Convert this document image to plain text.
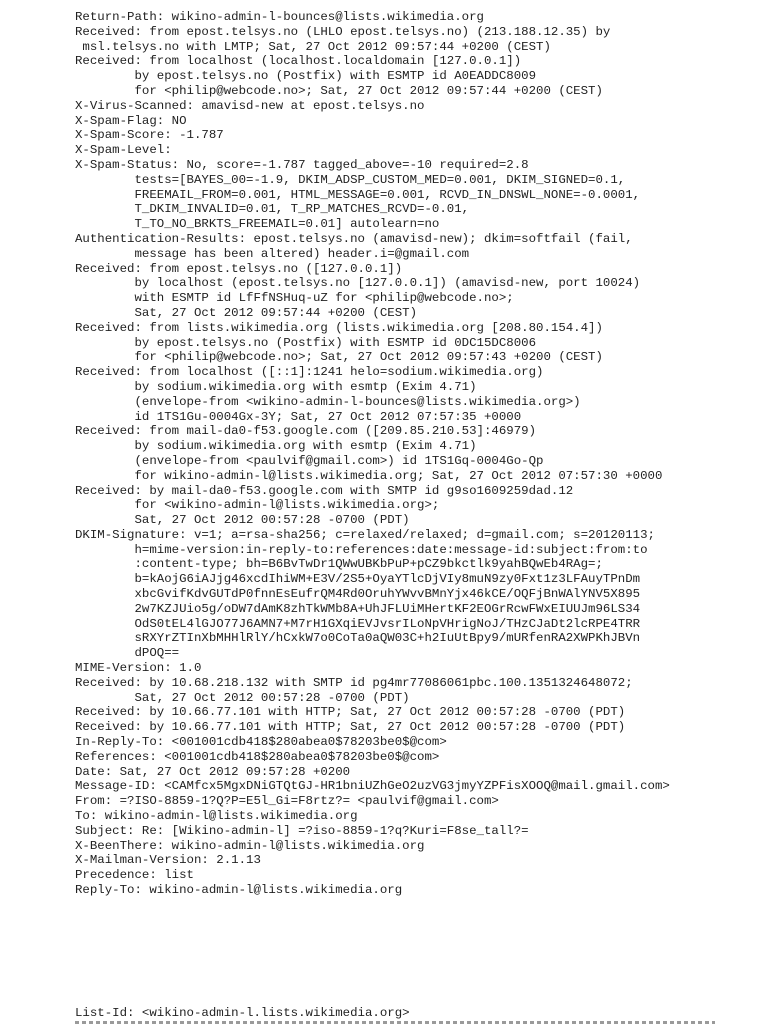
Return-Path: wikino-admin-l-bounces@lists.wikimedia.org
Received: from epost.telsys.no (LHLO epost.telsys.no) (213.188.12.35) by
msl.telsys.no with LMTP; Sat, 27 Oct 2012 09:57:44 +0200 (CEST)
Received: from localhost (localhost.localdomain [127.0.0.1])
by epost.telsys.no (Postfix) with ESMTP id A0EADDC8009
for <philip@webcode.no>; Sat, 27 Oct 2012 09:57:44 +0200 (CEST)
X-Virus-Scanned: amavisd-new at epost.telsys.no
X-Spam-Flag: NO
X-Spam-Score: -1.787
X-Spam-Level:
X-Spam-Status: No, score=-1.787 tagged_above=-10 required=2.8
tests=[BAYES_00=-1.9, DKIM_ADSP_CUSTOM_MED=0.001, DKIM_SIGNED=0.1,
FREEMAIL_FROM=0.001, HTML_MESSAGE=0.001, RCVD_IN_DNSWL_NONE=-0.0001,
T_DKIM_INVALID=0.01, T_RP_MATCHES_RCVD=-0.01,
T_TO_NO_BRKTS_FREEMAIL=0.01] autolearn=no
Authentication-Results: epost.telsys.no (amavisd-new); dkim=softfail (fail,
message has been altered) header.i=@gmail.com
Received: from epost.telsys.no ([127.0.0.1])
by localhost (epost.telsys.no [127.0.0.1]) (amavisd-new, port 10024)
with ESMTP id LfFfNSHuq-uZ for <philip@webcode.no>;
Sat, 27 Oct 2012 09:57:44 +0200 (CEST)
Received: from lists.wikimedia.org (lists.wikimedia.org [208.80.154.4])
by epost.telsys.no (Postfix) with ESMTP id 0DC15DC8006
for <philip@webcode.no>; Sat, 27 Oct 2012 09:57:43 +0200 (CEST)
Received: from localhost ([::1]:1241 helo=sodium.wikimedia.org)
by sodium.wikimedia.org with esmtp (Exim 4.71)
(envelope-from <wikino-admin-l-bounces@lists.wikimedia.org>)
id 1TS1Gu-0004Gx-3Y; Sat, 27 Oct 2012 07:57:35 +0000
Received: from mail-da0-f53.google.com ([209.85.210.53]:46979)
by sodium.wikimedia.org with esmtp (Exim 4.71)
(envelope-from <paulvif@gmail.com>) id 1TS1Gq-0004Go-Qp
for wikino-admin-l@lists.wikimedia.org; Sat, 27 Oct 2012 07:57:30 +0000
Received: by mail-da0-f53.google.com with SMTP id g9so1609259dad.12
for <wikino-admin-l@lists.wikimedia.org>;
Sat, 27 Oct 2012 00:57:28 -0700 (PDT)
DKIM-Signature: v=1; a=rsa-sha256; c=relaxed/relaxed; d=gmail.com; s=20120113;
h=mime-version:in-reply-to:references:date:message-id:subject:from:to
:content-type; bh=B6BvTwDr1QWwUBKbPuP+pCZ9bkctlk9yahBQwEb4RAg=;
b=kAojG6iAJjg46xcdIhiWM+E3V/2S5+OyaYTlcDjVIy8muN9zy0Fxt1z3LFAuyTPnDm
xbcGvifKdvGUTdP0fnnEsEufrQM4Rd0OruhYWvvBMnYjx46kCE/OQFjBnWAlYNV5X895
2w7KZJUio5g/oDW7dAmK8zhTkWMb8A+UhJFLUiMHertKF2EOGrRcwFWxEIUUJm96LS34
OdS0tEL4lGJO77J6AMN7+M7rH1GXqiEVJvsrILoNpVHrigNoJ/THzCJaDt2lcRPE4TRR
sRXYrZTInXbMHHlRlY/hCxkW7o0CoTa0aQW03C+h2IuUtBpy9/mURfenRA2XWPKhJBVn
dPOQ==
MIME-Version: 1.0
Received: by 10.68.218.132 with SMTP id pg4mr77086061pbc.100.1351324648072;
Sat, 27 Oct 2012 00:57:28 -0700 (PDT)
Received: by 10.66.77.101 with HTTP; Sat, 27 Oct 2012 00:57:28 -0700 (PDT)
Received: by 10.66.77.101 with HTTP; Sat, 27 Oct 2012 00:57:28 -0700 (PDT)
In-Reply-To: <001001cdb418$280abea0$78203be0$@com>
References: <001001cdb418$280abea0$78203be0$@com>
Date: Sat, 27 Oct 2012 09:57:28 +0200
Message-ID: <CAMfcx5MgxDNiGTQtGJ-HR1bniUZhGeO2uzVG3jmyYZPFisXOOQ@mail.gmail.com>
From: =?ISO-8859-1?Q?P=E5l_Gi=F8rtz?= <paulvif@gmail.com>
To: wikino-admin-l@lists.wikimedia.org
Subject: Re: [Wikino-admin-l] =?iso-8859-1?q?Kuri=F8se_tall?=
X-BeenThere: wikino-admin-l@lists.wikimedia.org
X-Mailman-Version: 2.1.13
Precedence: list
Reply-To: wikino-admin-l@lists.wikimedia.org
List-Id: <wikino-admin-l.lists.wikimedia.org>
